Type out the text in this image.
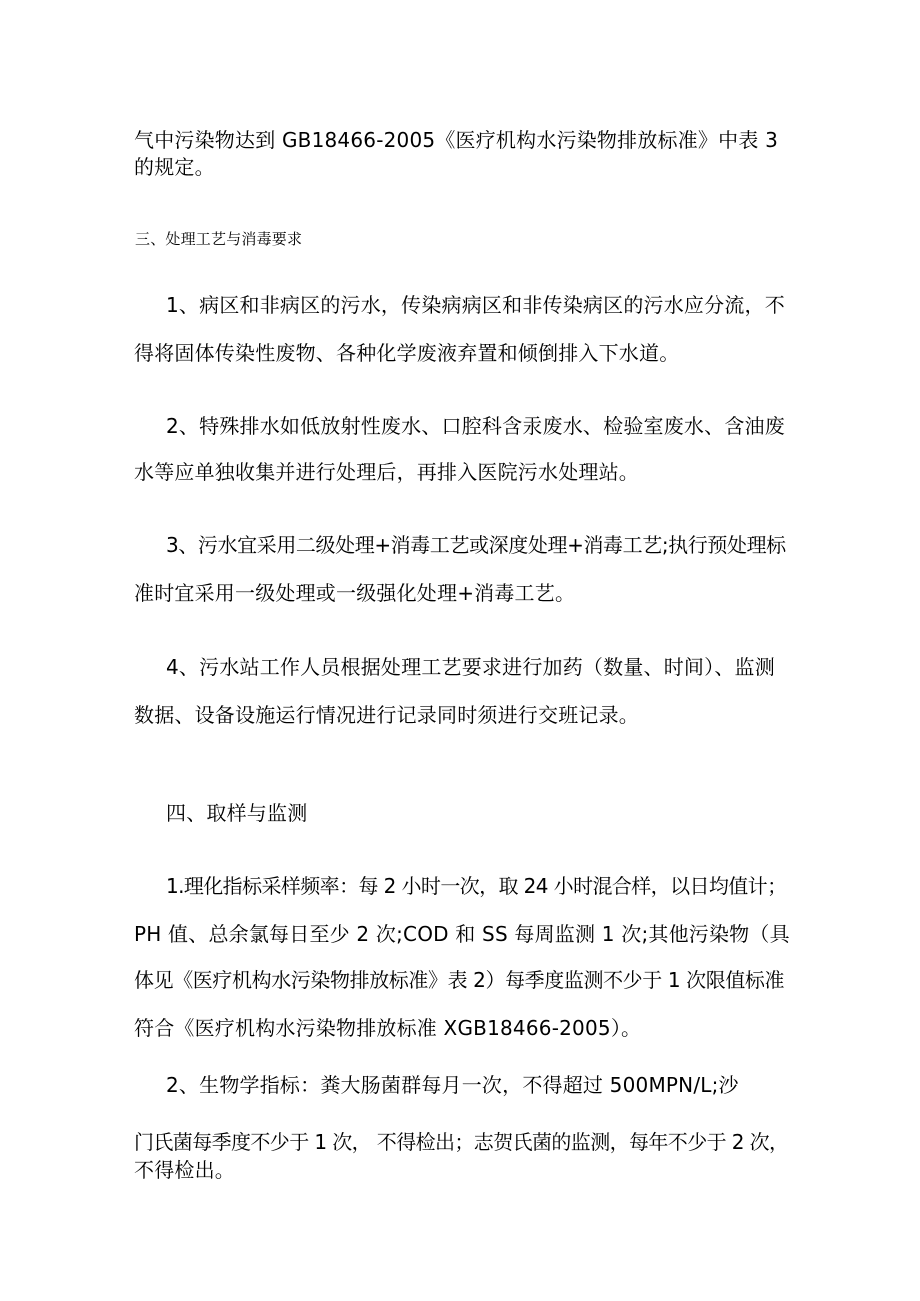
气中污染物达到 GB18466-2005《医疗机构水污染物排放标准》中表 3
的规定。
三、处理工艺与消毒要求
1、病区和非病区的污水，传染病病区和非传染病区的污水应分流，不
得将固体传染性废物、各种化学废液弃置和倾倒排入下水道。
2、特殊排水如低放射性废水、口腔科含汞废水、检验室废水、含油废
水等应单独收集并进行处理后，再排入医院污水处理站。
3、污水宜采用二级处理+消毒工艺或深度处理+消毒工艺;执行预处理标
准时宜采用一级处理或一级强化处理+消毒工艺。
4、污水站工作人员根据处理工艺要求进行加药（数量、时间）、监测
数据、设备设施运行情况进行记录同时须进行交班记录。
四、取样与监测
1.理化指标采样频率：每 2 小时一次，取 24 小时混合样，以日均值计；
PH 值、总余氯每日至少 2 次;COD 和 SS 每周监测 1 次;其他污染物（具
体见《医疗机构水污染物排放标准》表 2）每季度监测不少于 1 次限值标准
符合《医疗机构水污染物排放标准 XGB18466-2005）。
2、生物学指标：粪大肠菌群每月一次，不得超过 500MPN/L;沙
门氏菌每季度不少于 1 次， 不得检出；志贺氏菌的监测，每年不少于 2 次，
不得检出。
